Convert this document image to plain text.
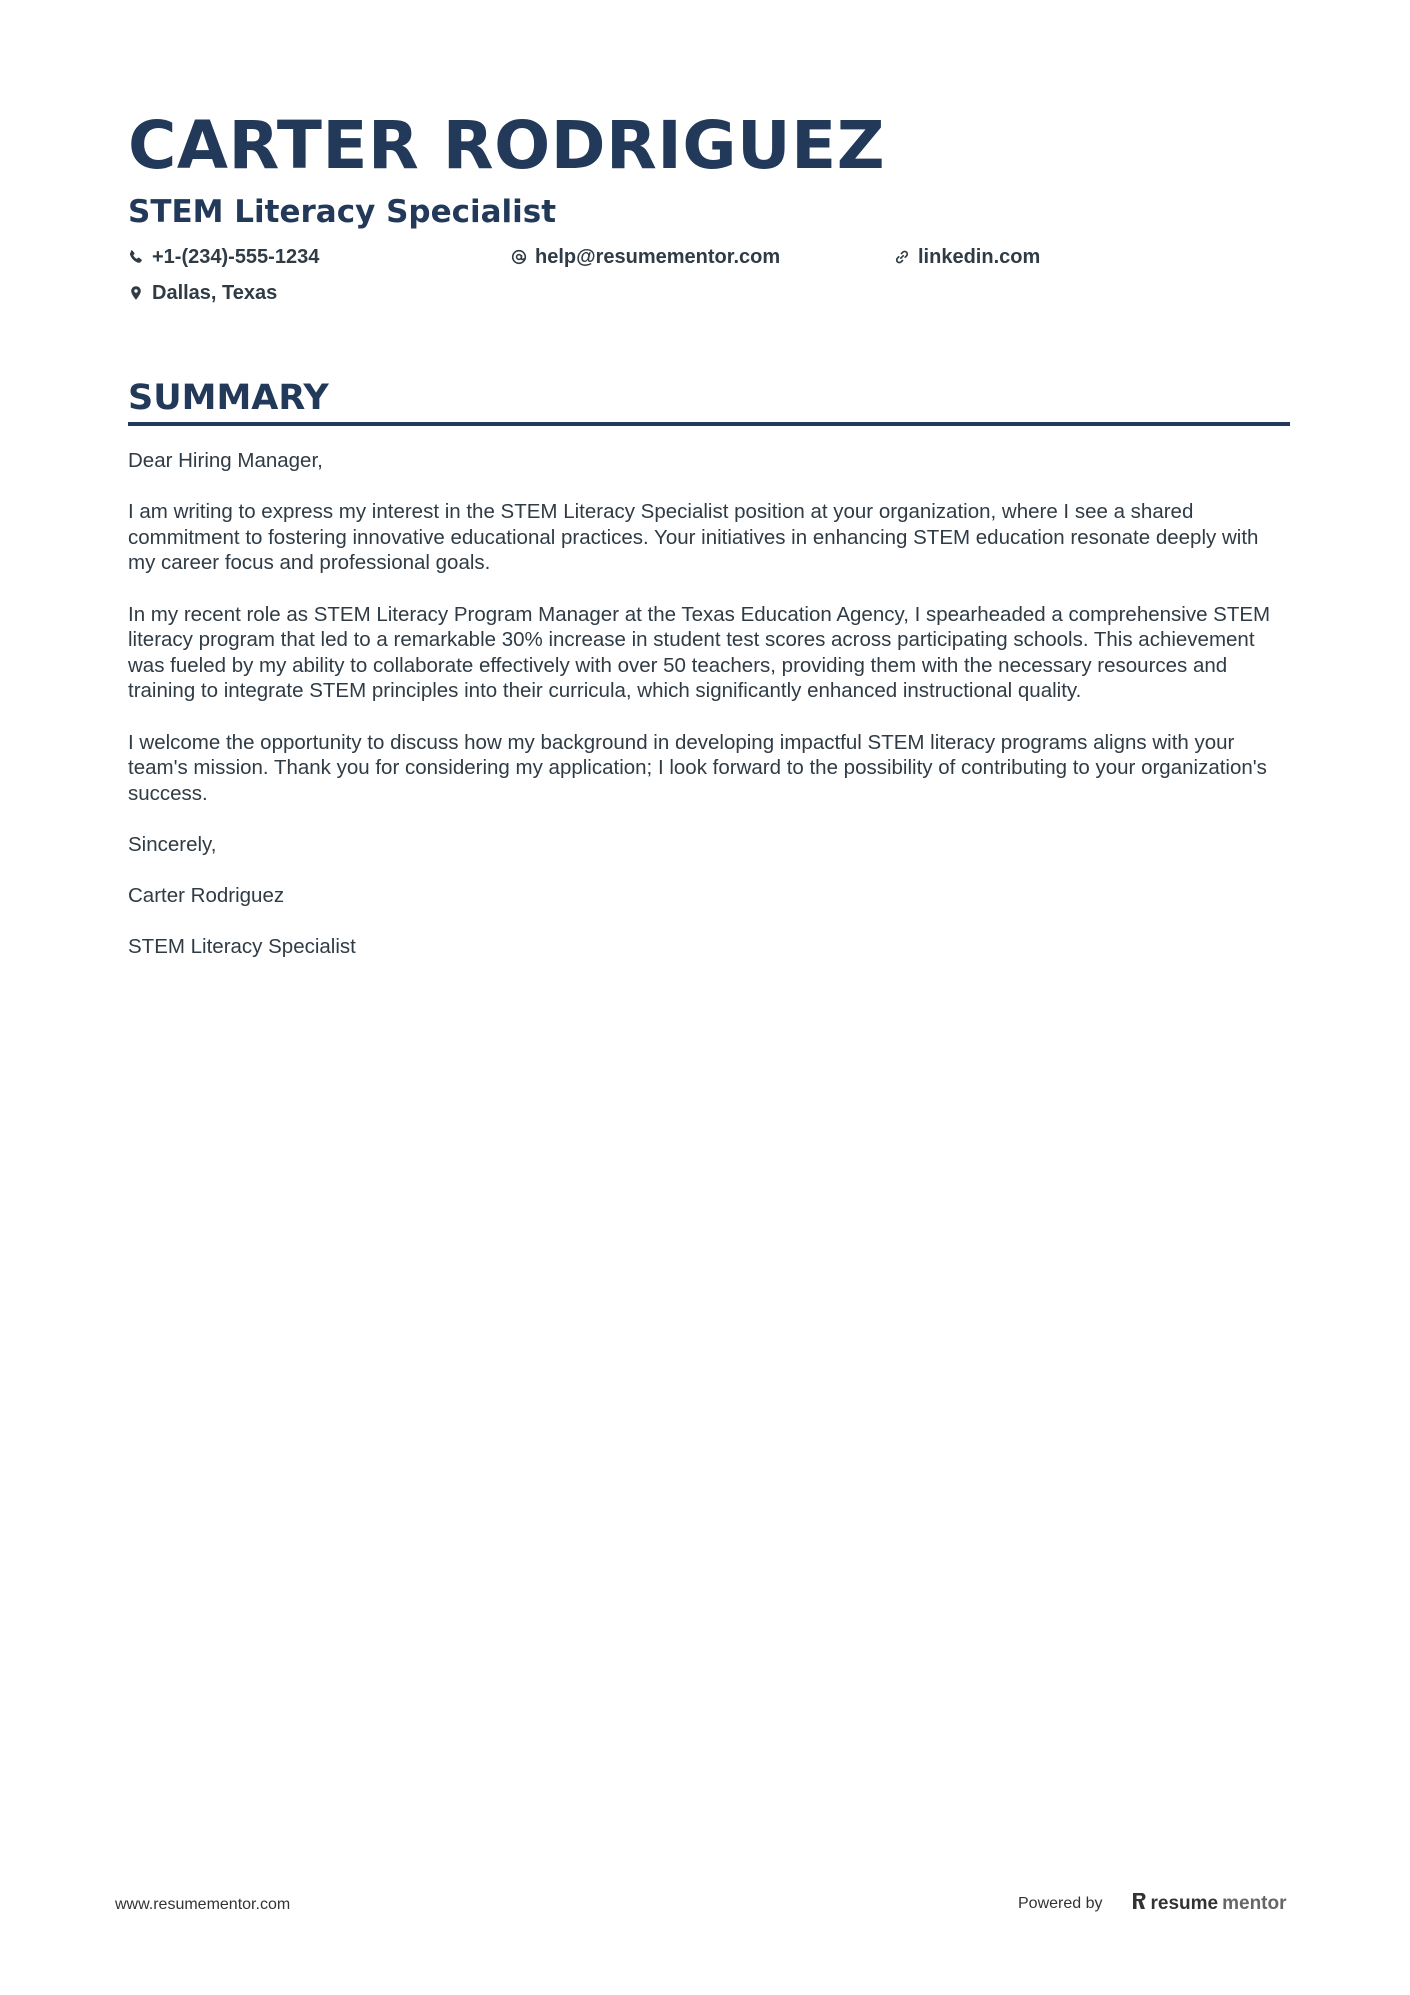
CARTER RODRIGUEZ
STEM Literacy Specialist
+1-(234)-555-1234	help@resumementor.com	linkedin.com
Dallas, Texas
SUMMARY

Dear Hiring Manager,

I am writing to express my interest in the STEM Literacy Specialist position at your organization, where I see a shared commitment to fostering innovative educational practices. Your initiatives in enhancing STEM education resonate deeply with my career focus and professional goals.

In my recent role as STEM Literacy Program Manager at the Texas Education Agency, I spearheaded a comprehensive STEM literacy program that led to a remarkable 30% increase in student test scores across participating schools. This achievement was fueled by my ability to collaborate effectively with over 50 teachers, providing them with the necessary resources and training to integrate STEM principles into their curricula, which significantly enhanced instructional quality.

I welcome the opportunity to discuss how my background in developing impactful STEM literacy programs aligns with your team's mission. Thank you for considering my application; I look forward to the possibility of contributing to your organization's success.

Sincerely,

Carter Rodriguez

STEM Literacy Specialist

www.resumementor.com	Powered by	resume mentor
